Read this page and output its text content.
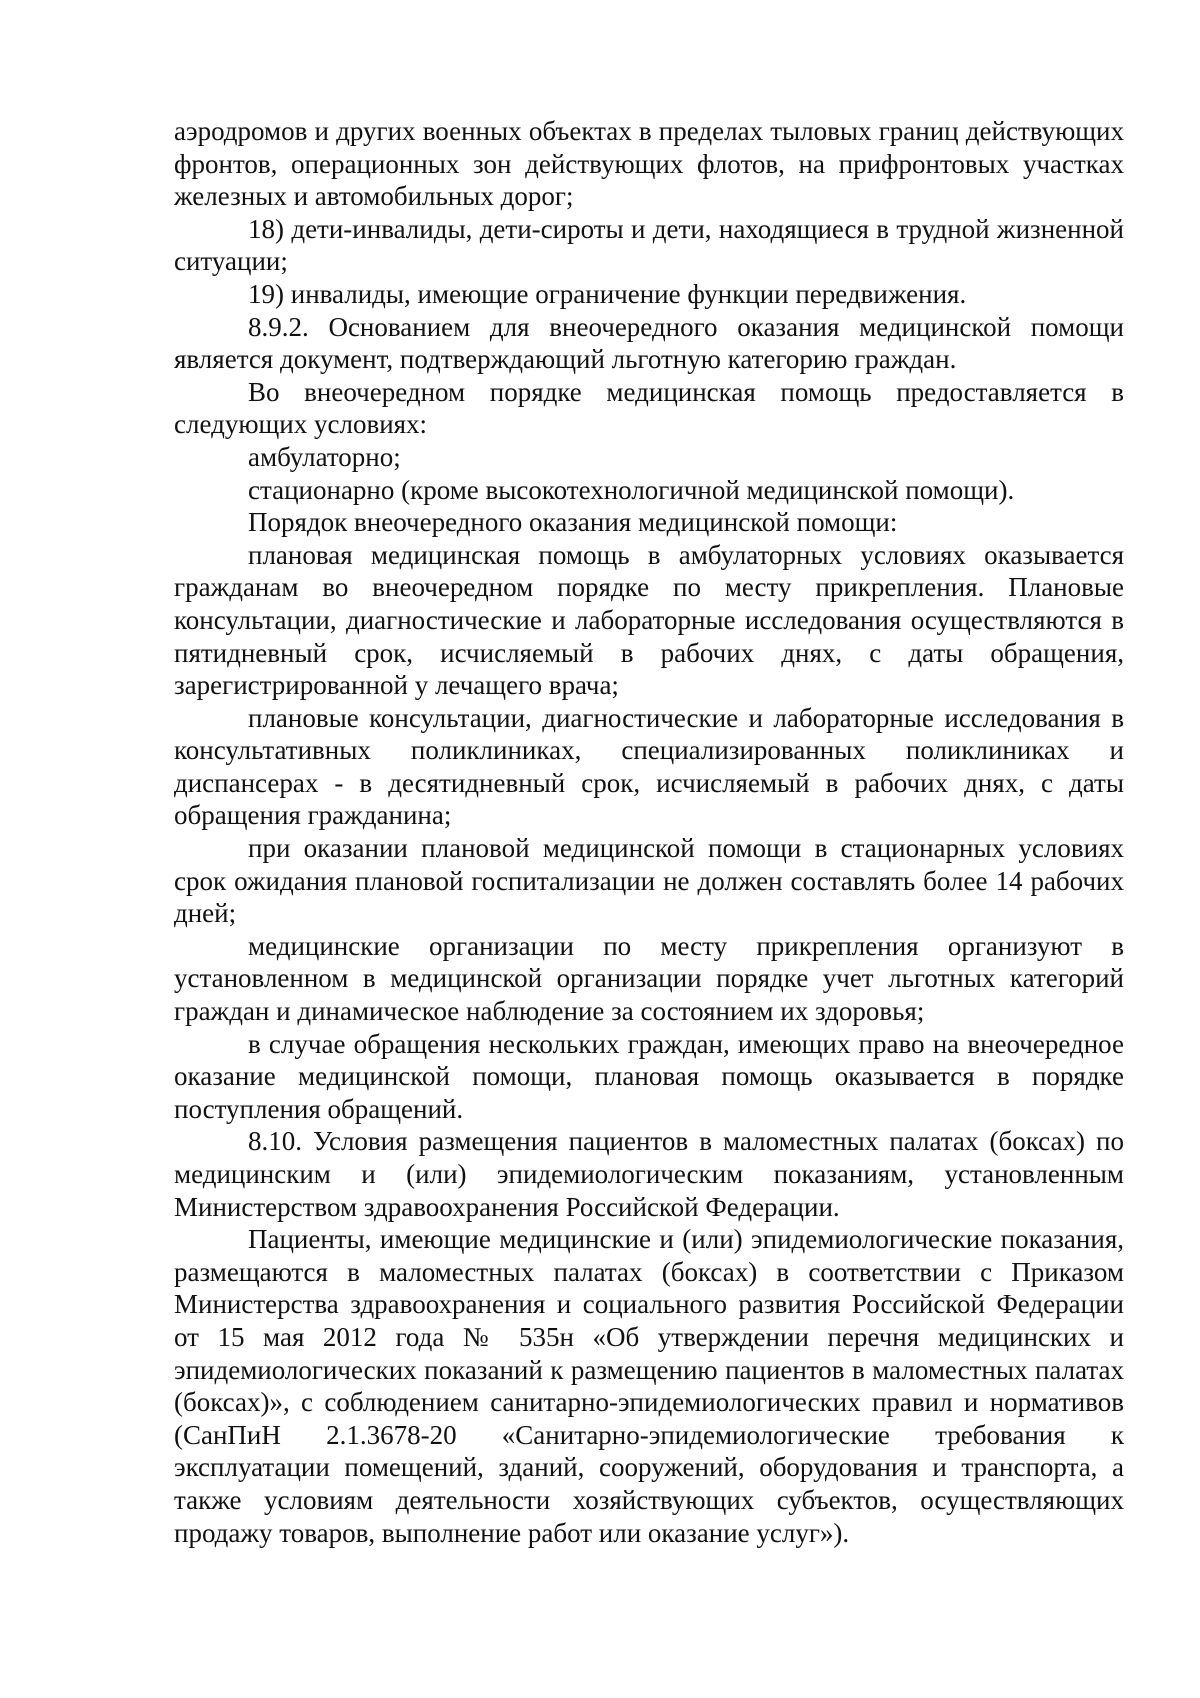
аэродромов и других военных объектах в пределах тыловых границ действующих фронтов, операционных зон действующих флотов, на прифронтовых участках железных и автомобильных дорог;

18) дети-инвалиды, дети-сироты и дети, находящиеся в трудной жизненной ситуации;

19) инвалиды, имеющие ограничение функции передвижения.

8.9.2. Основанием для внеочередного оказания медицинской помощи является документ, подтверждающий льготную категорию граждан.

Во внеочередном порядке медицинская помощь предоставляется в следующих условиях:

амбулаторно;

стационарно (кроме высокотехнологичной медицинской помощи).

Порядок внеочередного оказания медицинской помощи:

плановая медицинская помощь в амбулаторных условиях оказывается гражданам во внеочередном порядке по месту прикрепления. Плановые консультации, диагностические и лабораторные исследования осуществляются в пятидневный срок, исчисляемый в рабочих днях, с даты обращения, зарегистрированной у лечащего врача;

плановые консультации, диагностические и лабораторные исследования в консультативных поликлиниках, специализированных поликлиниках и диспансерах - в десятидневный срок, исчисляемый в рабочих днях, с даты обращения гражданина;

при оказании плановой медицинской помощи в стационарных условиях срок ожидания плановой госпитализации не должен составлять более 14 рабочих дней;

медицинские организации по месту прикрепления организуют в установленном в медицинской организации порядке учет льготных категорий граждан и динамическое наблюдение за состоянием их здоровья;

в случае обращения нескольких граждан, имеющих право на внеочередное оказание медицинской помощи, плановая помощь оказывается в порядке поступления обращений.

8.10. Условия размещения пациентов в маломестных палатах (боксах) по медицинским и (или) эпидемиологическим показаниям, установленным Министерством здравоохранения Российской Федерации.

Пациенты, имеющие медицинские и (или) эпидемиологические показания, размещаются в маломестных палатах (боксах) в соответствии с Приказом Министерства здравоохранения и социального развития Российской Федерации от 15 мая 2012 года № 535н «Об утверждении перечня медицинских и эпидемиологических показаний к размещению пациентов в маломестных палатах (боксах)», с соблюдением санитарно-эпидемиологических правил и нормативов (СанПиН 2.1.3678-20 «Санитарно-эпидемиологические требования к эксплуатации помещений, зданий, сооружений, оборудования и транспорта, а также условиям деятельности хозяйствующих субъектов, осуществляющих продажу товаров, выполнение работ или оказание услуг»).
